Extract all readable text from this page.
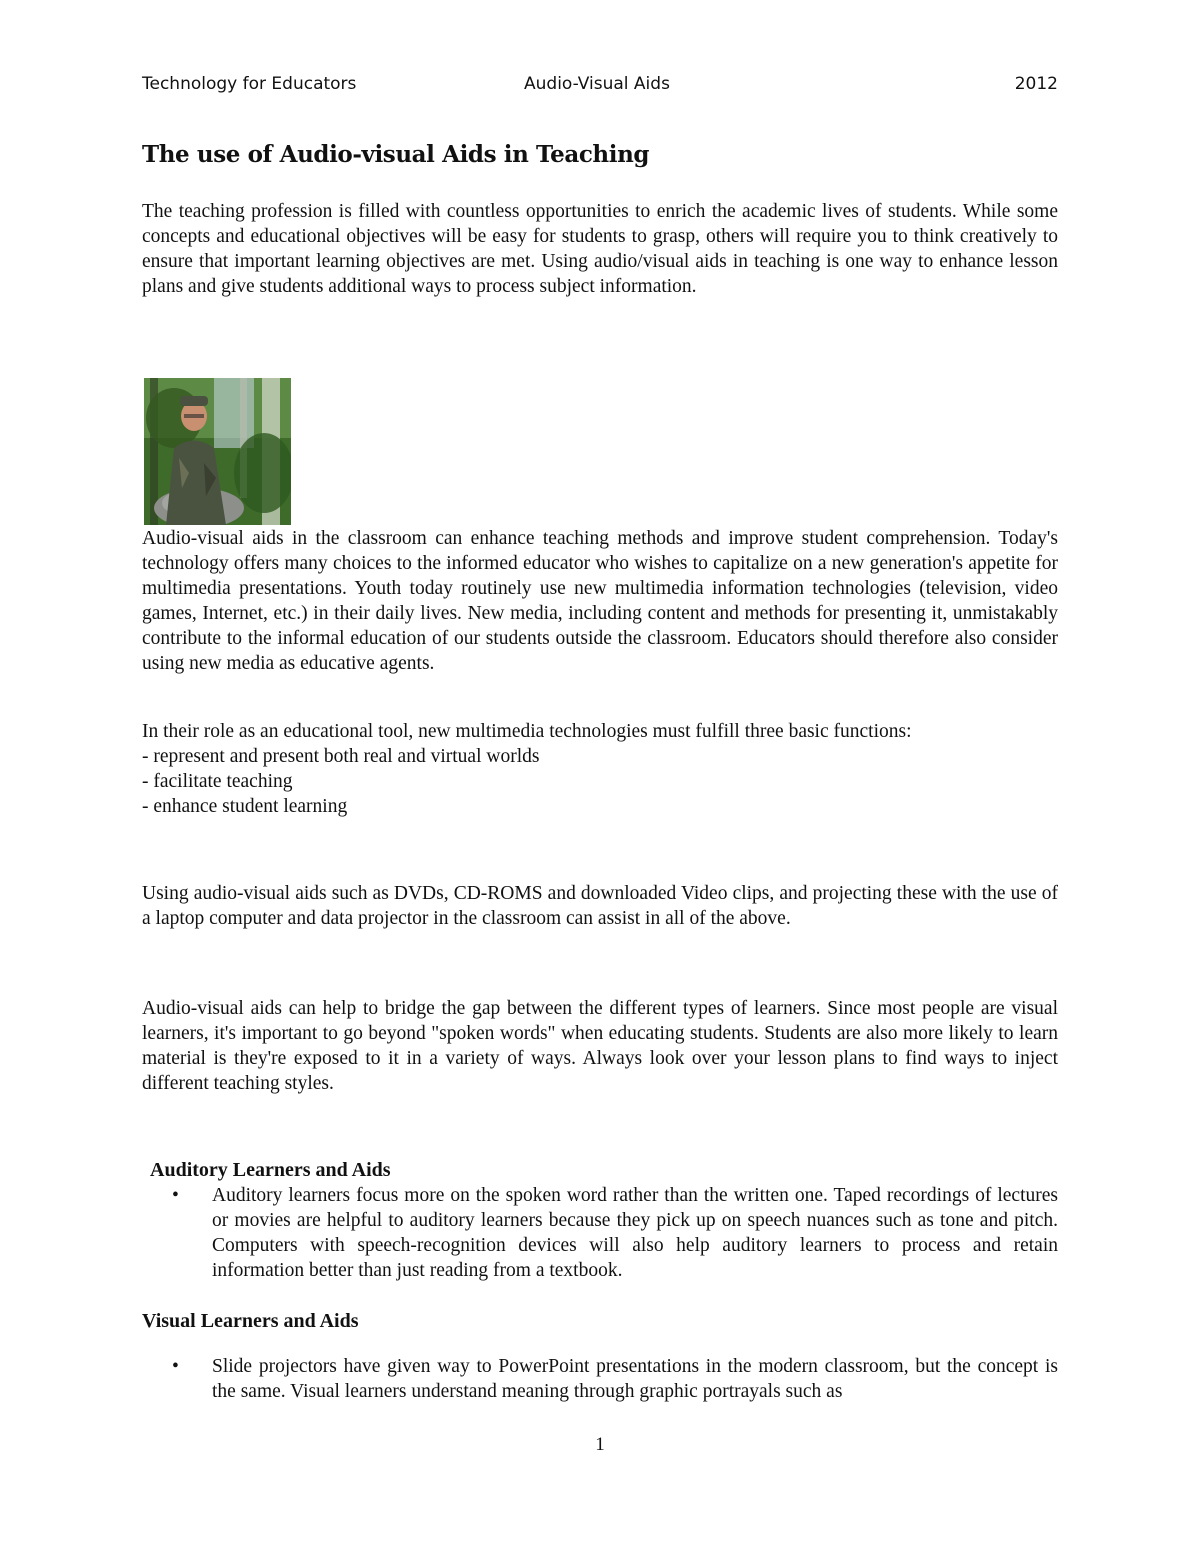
Technology for Educators	Audio-Visual Aids	2012
The use of Audio-visual Aids in Teaching

The teaching profession is filled with countless opportunities to enrich the academic lives of students. While some concepts and educational objectives will be easy for students to grasp, others will require you to think creatively to ensure that important learning objectives are met. Using audio/visual aids in teaching is one way to enhance lesson plans and give students additional ways to process subject information.

Audio-visual aids in the classroom can enhance teaching methods and improve student comprehension. Today's technology offers many choices to the informed educator who wishes to capitalize on a new generation's appetite for multimedia presentations. Youth today routinely use new multimedia information technologies (television, video games, Internet, etc.) in their daily lives. New media, including content and methods for presenting it, unmistakably contribute to the informal education of our students outside the classroom. Educators should therefore also consider using new media as educative agents.

In their role as an educational tool, new multimedia technologies must fulfill three basic functions:

- represent and present both real and virtual worlds
- facilitate teaching
- enhance student learning

Using audio-visual aids such as DVDs, CD-ROMS and downloaded Video clips, and projecting these with the use of a laptop computer and data projector in the classroom can assist in all of the above.

Audio-visual aids can help to bridge the gap between the different types of learners. Since most people are visual learners, it's important to go beyond "spoken words" when educating students. Students are also more likely to learn material is they're exposed to it in a variety of ways. Always look over your lesson plans to find ways to inject different teaching styles.

Auditory Learners and Aids
• Auditory learners focus more on the spoken word rather than the written one. Taped recordings of lectures or movies are helpful to auditory learners because they pick up on speech nuances such as tone and pitch. Computers with speech-recognition devices will also help auditory learners to process and retain information better than just reading from a textbook.

Visual Learners and Aids
• Slide projectors have given way to PowerPoint presentations in the modern classroom, but the concept is the same. Visual learners understand meaning through graphic portrayals such as

1
